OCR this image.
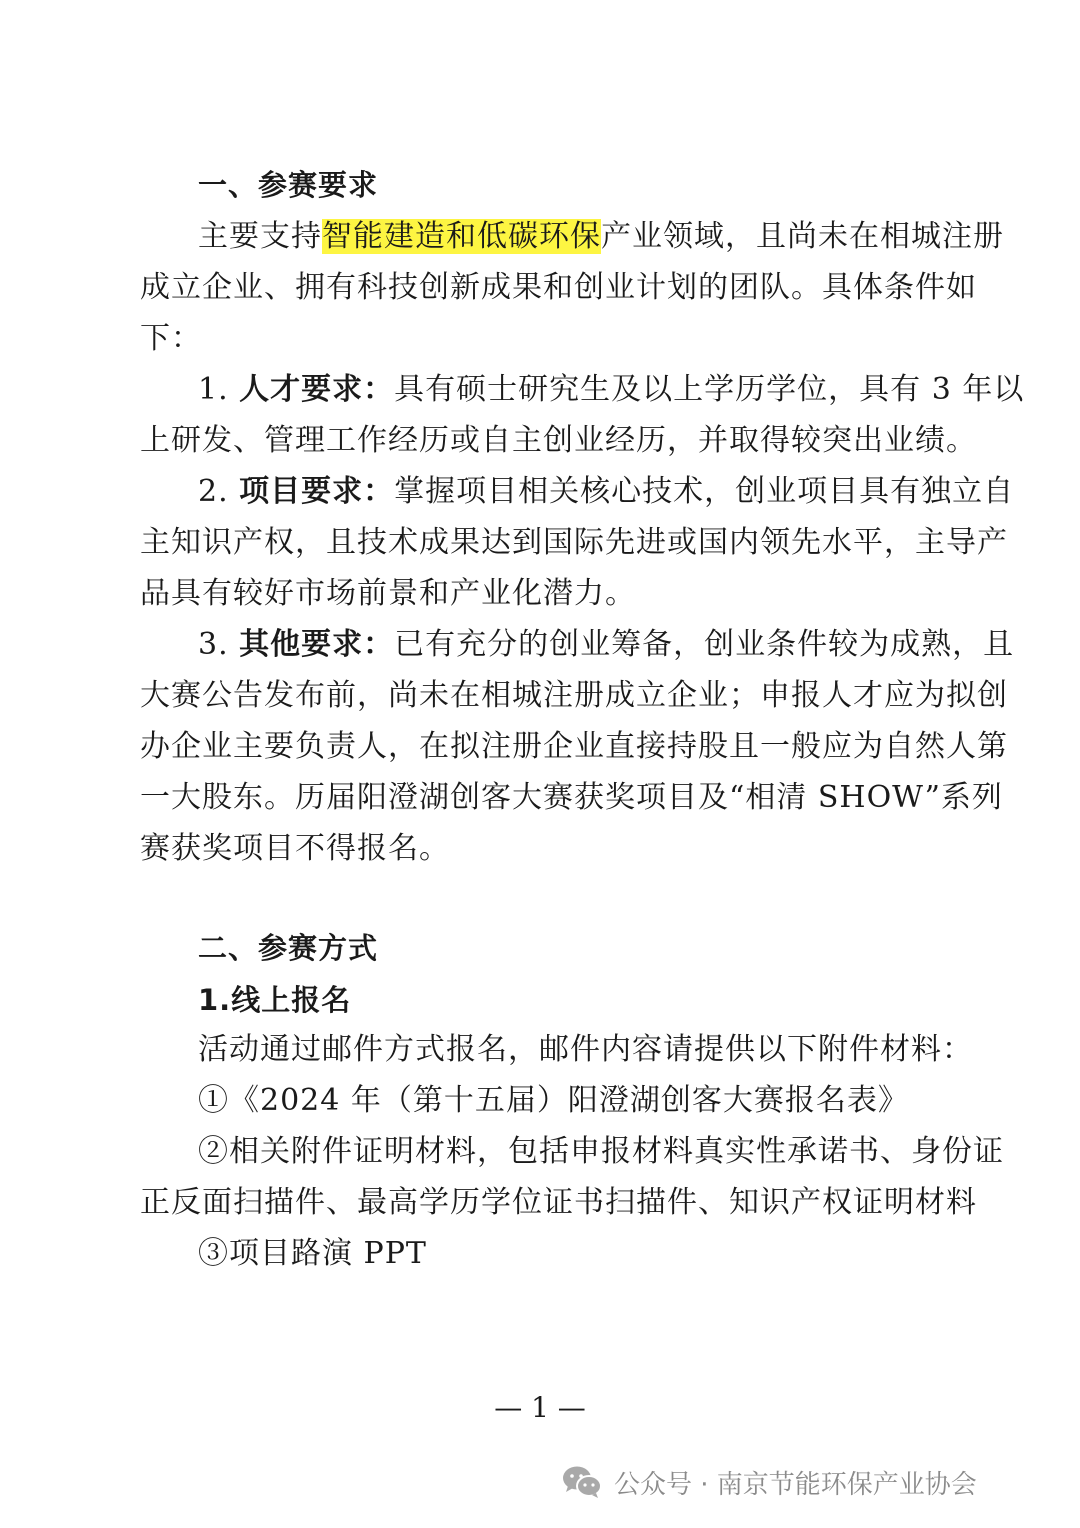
一、参赛要求
主要支持智能建造和低碳环保产业领域，且尚未在相城注册
成立企业、拥有科技创新成果和创业计划的团队。具体条件如
下：
1. 人才要求：具有硕士研究生及以上学历学位，具有 3 年以
上研发、管理工作经历或自主创业经历，并取得较突出业绩。
2. 项目要求：掌握项目相关核心技术，创业项目具有独立自
主知识产权，且技术成果达到国际先进或国内领先水平，主导产
品具有较好市场前景和产业化潜力。
3. 其他要求：已有充分的创业筹备，创业条件较为成熟，且
大赛公告发布前，尚未在相城注册成立企业；申报人才应为拟创
办企业主要负责人，在拟注册企业直接持股且一般应为自然人第
一大股东。历届阳澄湖创客大赛获奖项目及“相清 SHOW”系列
赛获奖项目不得报名。
二、参赛方式
1.线上报名
活动通过邮件方式报名，邮件内容请提供以下附件材料：
①《2024 年（第十五届）阳澄湖创客大赛报名表》
②相关附件证明材料，包括申报材料真实性承诺书、身份证
正反面扫描件、最高学历学位证书扫描件、知识产权证明材料
③项目路演 PPT
— 1 —
公众号 · 南京节能环保产业协会
